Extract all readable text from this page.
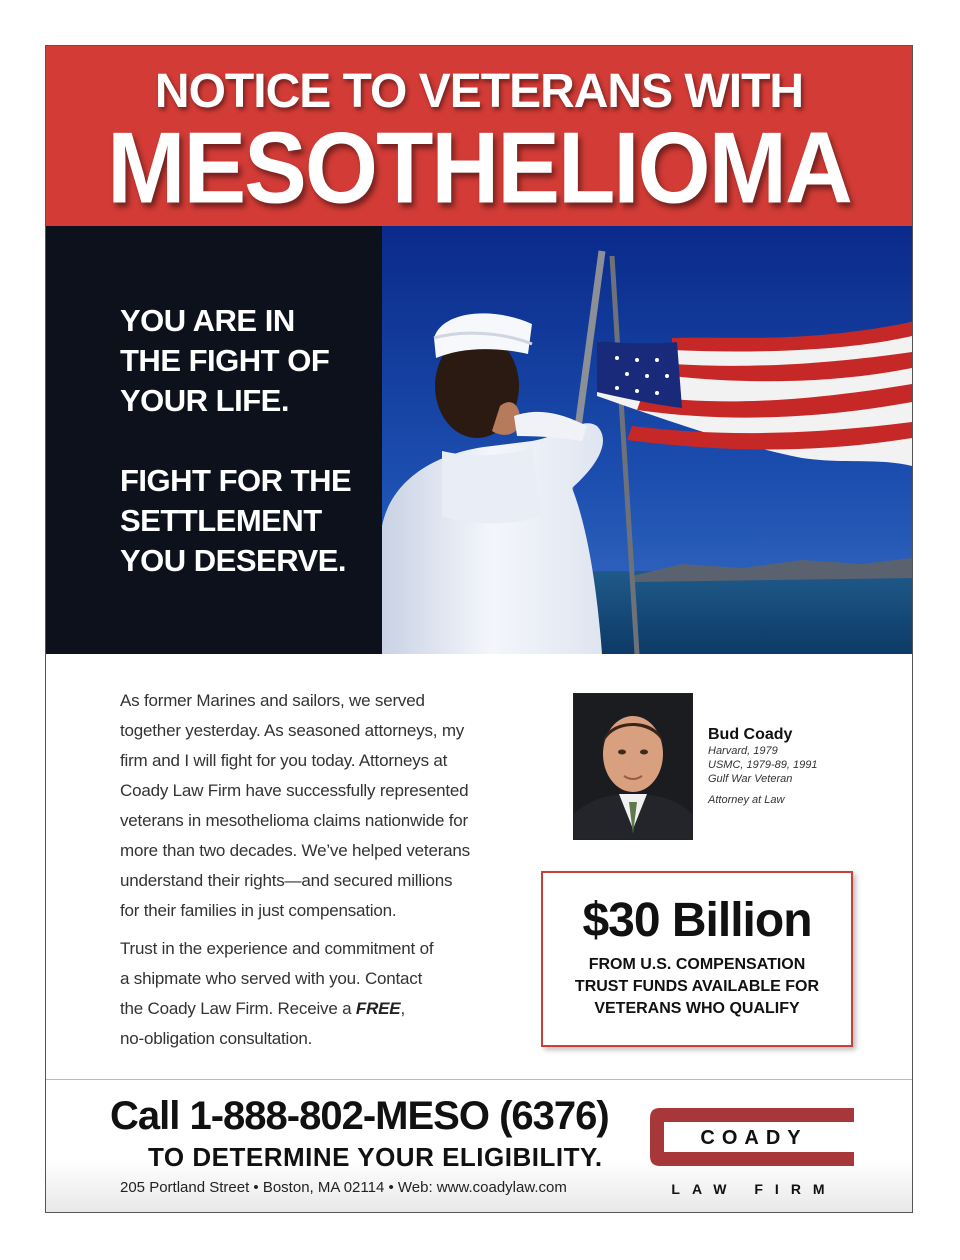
NOTICE TO VETERANS WITH
MESOTHELIOMA
YOU ARE IN
THE FIGHT OF
YOUR LIFE.
FIGHT FOR THE
SETTLEMENT
YOU DESERVE.
As former Marines and sailors, we served
together yesterday. As seasoned attorneys, my
firm and I will fight for you today. Attorneys at
Coady Law Firm have successfully represented
veterans in mesothelioma claims nationwide for
more than two decades. We’ve helped veterans
understand their rights—and secured millions
for their families in just compensation.
Trust in the experience and commitment of
a shipmate who served with you. Contact
the Coady Law Firm. Receive a FREE,
no-obligation consultation.
Bud Coady
Harvard, 1979
USMC, 1979-89, 1991
Gulf War Veteran
Attorney at Law
$30 Billion
FROM U.S. COMPENSATION
TRUST FUNDS AVAILABLE FOR
VETERANS WHO QUALIFY
Call 1-888-802-MESO (6376)
TO DETERMINE YOUR ELIGIBILITY.
205 Portland Street • Boston, MA 02114 • Web: www.coadylaw.com
COADY
LAW FIRM
